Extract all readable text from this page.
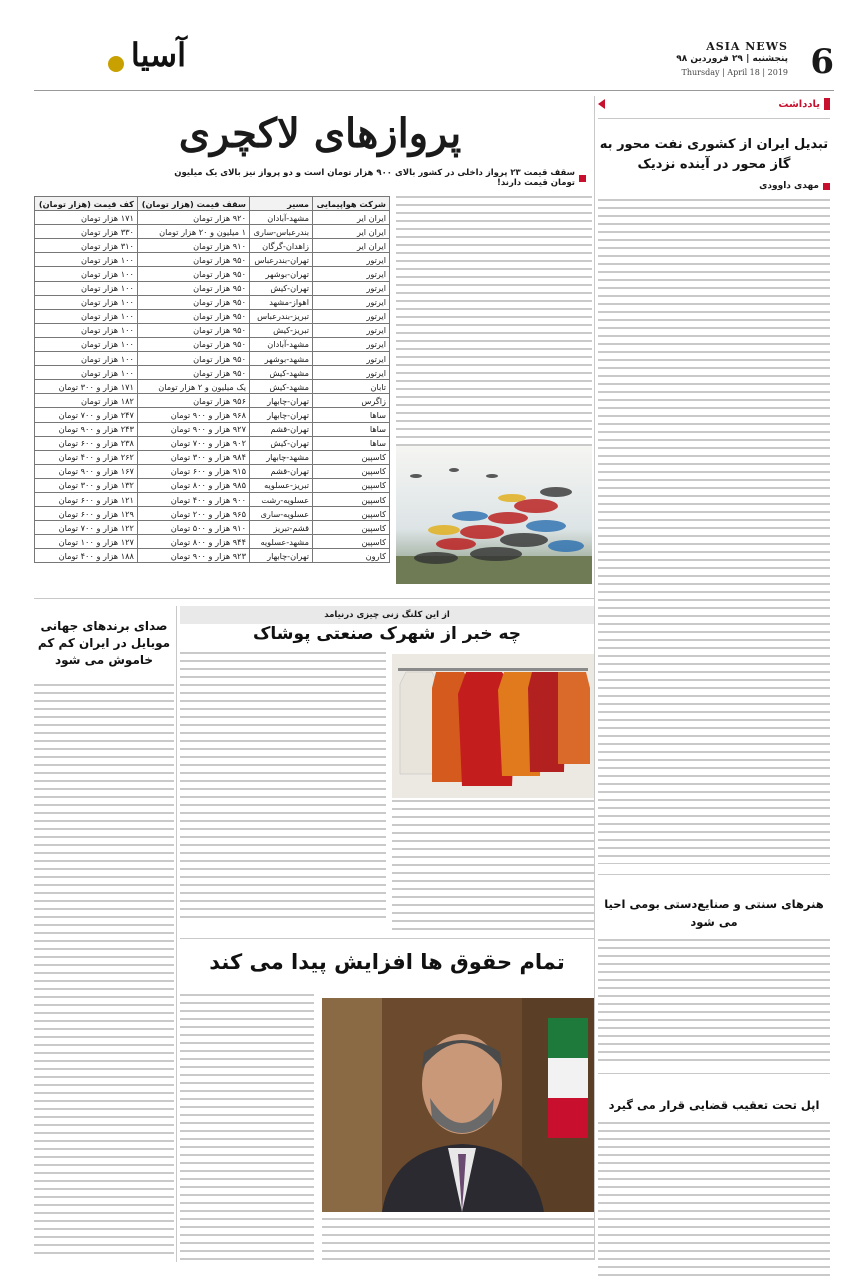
6
ASIA NEWS
پنجشنبه | ۲۹ فروردین ۹۸
Thursday | April 18 | 2019
آسیا
یادداشت
تبدیل ایران از کشوری نفت محور به گاز محور در آینده نزدیک
مهدی داوودی
هنرهای سنتی و صنایع‌دستی بومی احیا می شود
اپل تحت تعقیب قضایی قرار می گیرد
پروازهای لاکچری
سقف قیمت ۲۳ پرواز داخلی در کشور بالای ۹۰۰ هزار تومان است و دو پرواز نیز بالای یک میلیون تومان قیمت دارند!
شرکت هواپیمایی	مسیر	سقف قیمت (هزار تومان)	کف قیمت (هزار تومان)
ایران ایر	مشهد-آبادان	۹۲۰ هزار تومان	۱۷۱ هزار تومان
ایران ایر	بندرعباس-ساری	۱ میلیون و ۲۰ هزار تومان	۳۳۰ هزار تومان
ایران ایر	زاهدان-گرگان	۹۱۰ هزار تومان	۳۱۰ هزار تومان
ایرتور	تهران-بندرعباس	۹۵۰ هزار تومان	۱۰۰ هزار تومان
ایرتور	تهران-بوشهر	۹۵۰ هزار تومان	۱۰۰ هزار تومان
ایرتور	تهران-کیش	۹۵۰ هزار تومان	۱۰۰ هزار تومان
ایرتور	اهواز-مشهد	۹۵۰ هزار تومان	۱۰۰ هزار تومان
ایرتور	تبریز-بندرعباس	۹۵۰ هزار تومان	۱۰۰ هزار تومان
ایرتور	تبریز-کیش	۹۵۰ هزار تومان	۱۰۰ هزار تومان
ایرتور	مشهد-آبادان	۹۵۰ هزار تومان	۱۰۰ هزار تومان
ایرتور	مشهد-بوشهر	۹۵۰ هزار تومان	۱۰۰ هزار تومان
ایرتور	مشهد-کیش	۹۵۰ هزار تومان	۱۰۰ هزار تومان
تابان	مشهد-کیش	یک میلیون و ۲ هزار تومان	۱۷۱ هزار و ۳۰۰ تومان
زاگرس	تهران-چابهار	۹۵۶ هزار تومان	۱۸۲ هزار تومان
ساها	تهران-چابهار	۹۶۸ هزار و ۹۰۰ تومان	۲۴۷ هزار و ۷۰۰ تومان
ساها	تهران-قشم	۹۲۷ هزار و ۹۰۰ تومان	۲۴۳ هزار و ۹۰۰ تومان
ساها	تهران-کیش	۹۰۲ هزار و ۷۰۰ تومان	۲۳۸ هزار و ۶۰۰ تومان
کاسپین	مشهد-چابهار	۹۸۴ هزار و ۳۰۰ تومان	۲۶۲ هزار و ۴۰۰ تومان
کاسپین	تهران-قشم	۹۱۵ هزار و ۶۰۰ تومان	۱۶۷ هزار و ۹۰۰ تومان
کاسپین	تبریز-عسلویه	۹۸۵ هزار و ۸۰۰ تومان	۱۳۲ هزار و ۳۰۰ تومان
کاسپین	عسلویه-رشت	۹۰۰ هزار و ۴۰۰ تومان	۱۲۱ هزار و ۶۰۰ تومان
کاسپین	عسلویه-ساری	۹۶۵ هزار و ۲۰۰ تومان	۱۲۹ هزار و ۶۰۰ تومان
کاسپین	قشم-تبریز	۹۱۰ هزار و ۵۰۰ تومان	۱۲۲ هزار و ۷۰۰ تومان
کاسپین	مشهد-عسلویه	۹۴۴ هزار و ۸۰۰ تومان	۱۲۷ هزار و ۱۰۰ تومان
کارون	تهران-چابهار	۹۲۳ هزار و ۹۰۰ تومان	۱۸۸ هزار و ۴۰۰ تومان
از این کلنگ زنی چیزی درنیامد
چه خبر از شهرک صنعتی پوشاک
صدای برندهای جهانی موبایل در ایران کم کم خاموش می شود
تمام حقوق ها افزایش پیدا می کند
